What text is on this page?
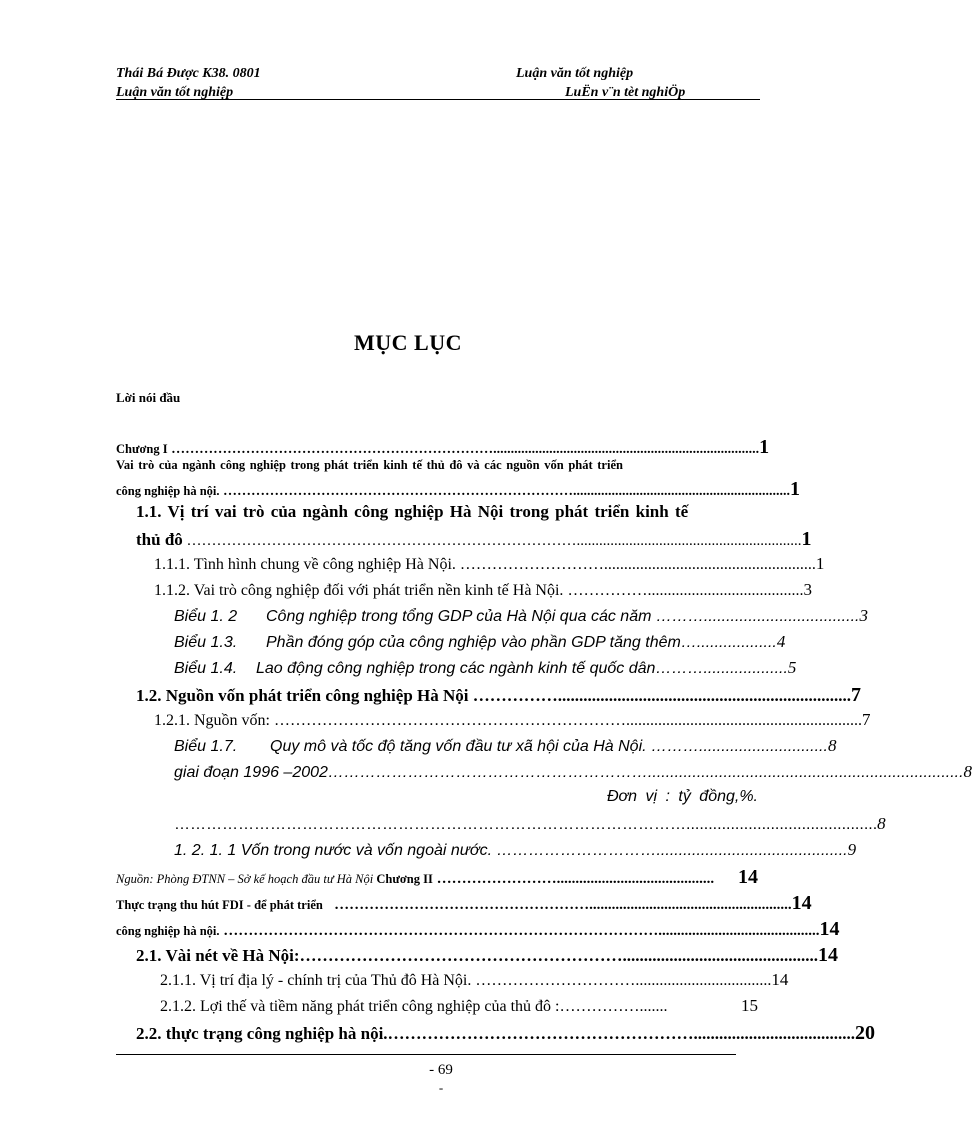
Thái Bá Được K38. 0801	Luận văn tốt nghiệp
Luận văn tốt nghiệp	LuËn v¨n tèt nghiÖp
MỤC LỤC
Lời nói đầu
Chương I ……………………………………………………………............................................................................ 1
Vai trò của ngành công nghiệp trong phát triển kinh tế thủ đô và các nguồn vốn phát triển
công nghiệp hà nội. ………………………………………………………………….............................................................. 1
1.1. Vị trí vai trò của ngành công nghiệp Hà Nội trong phát triển kinh tế
thủ đô ……………………………………………………………………............................................................ 1
1.1.1. Tình hình chung về công nghiệp Hà Nội. ………………………..................................................... 1
1.1.2. Vai trò công nghiệp đối với phát triển nền kinh tế Hà Nội. ……………....................................... 3
Biểu 1. 2	Công nghiệp trong tổng GDP của Hà Nội qua các năm ………................................... 3
Biểu 1.3.	Phần đóng góp của công nghiệp vào phần GDP tăng thêm ….................. 4
Biểu 1.4.	Lao động công nghiệp trong các ngành kinh tế quốc dân ………................... 5
1.2. Nguồn vốn phát triển công nghiệp Hà Nội ……………..................................................................... 7
1.2.1. Nguồn vốn: …………………………………………………………........................................................... 7
Biểu 1.7.	Quy mô và tốc độ tăng vốn đầu tư xã hội của Hà Nội. ………............................. 8
giai đoạn 1996 –2002 ……………………………………………………....................................................................... 8
Đơn vị : tỷ đồng,%.
……………………………………………………………………………………........................................... 8
1. 2. 1. 1 Vốn trong nước và vốn ngoài nước. …………………………........................................... 9
Nguồn: Phòng ĐTNN – Sở kế hoạch đầu tư Hà Nội
Chương II ……………………..........................................	14
Thực trạng thu hút FDI - để phát triển ……………………………………………...................................................... 14
công nghiệp hà nội. ……………………………………………………………………………........................................... 14
2.1. Vài nét về Hà Nội: ………………………………………………….............................................. 14
2.1.1. Vị trí địa lý - chính trị của Thủ đô Hà Nội. ………………………….................................. 14
2.1.2. Lợi thế và tiềm năng phát triển công nghiệp của thủ đô : …………….......	15
2.2. thực trạng công nghiệp hà nội. ………………………………………………...................................... 20
- 69
-
